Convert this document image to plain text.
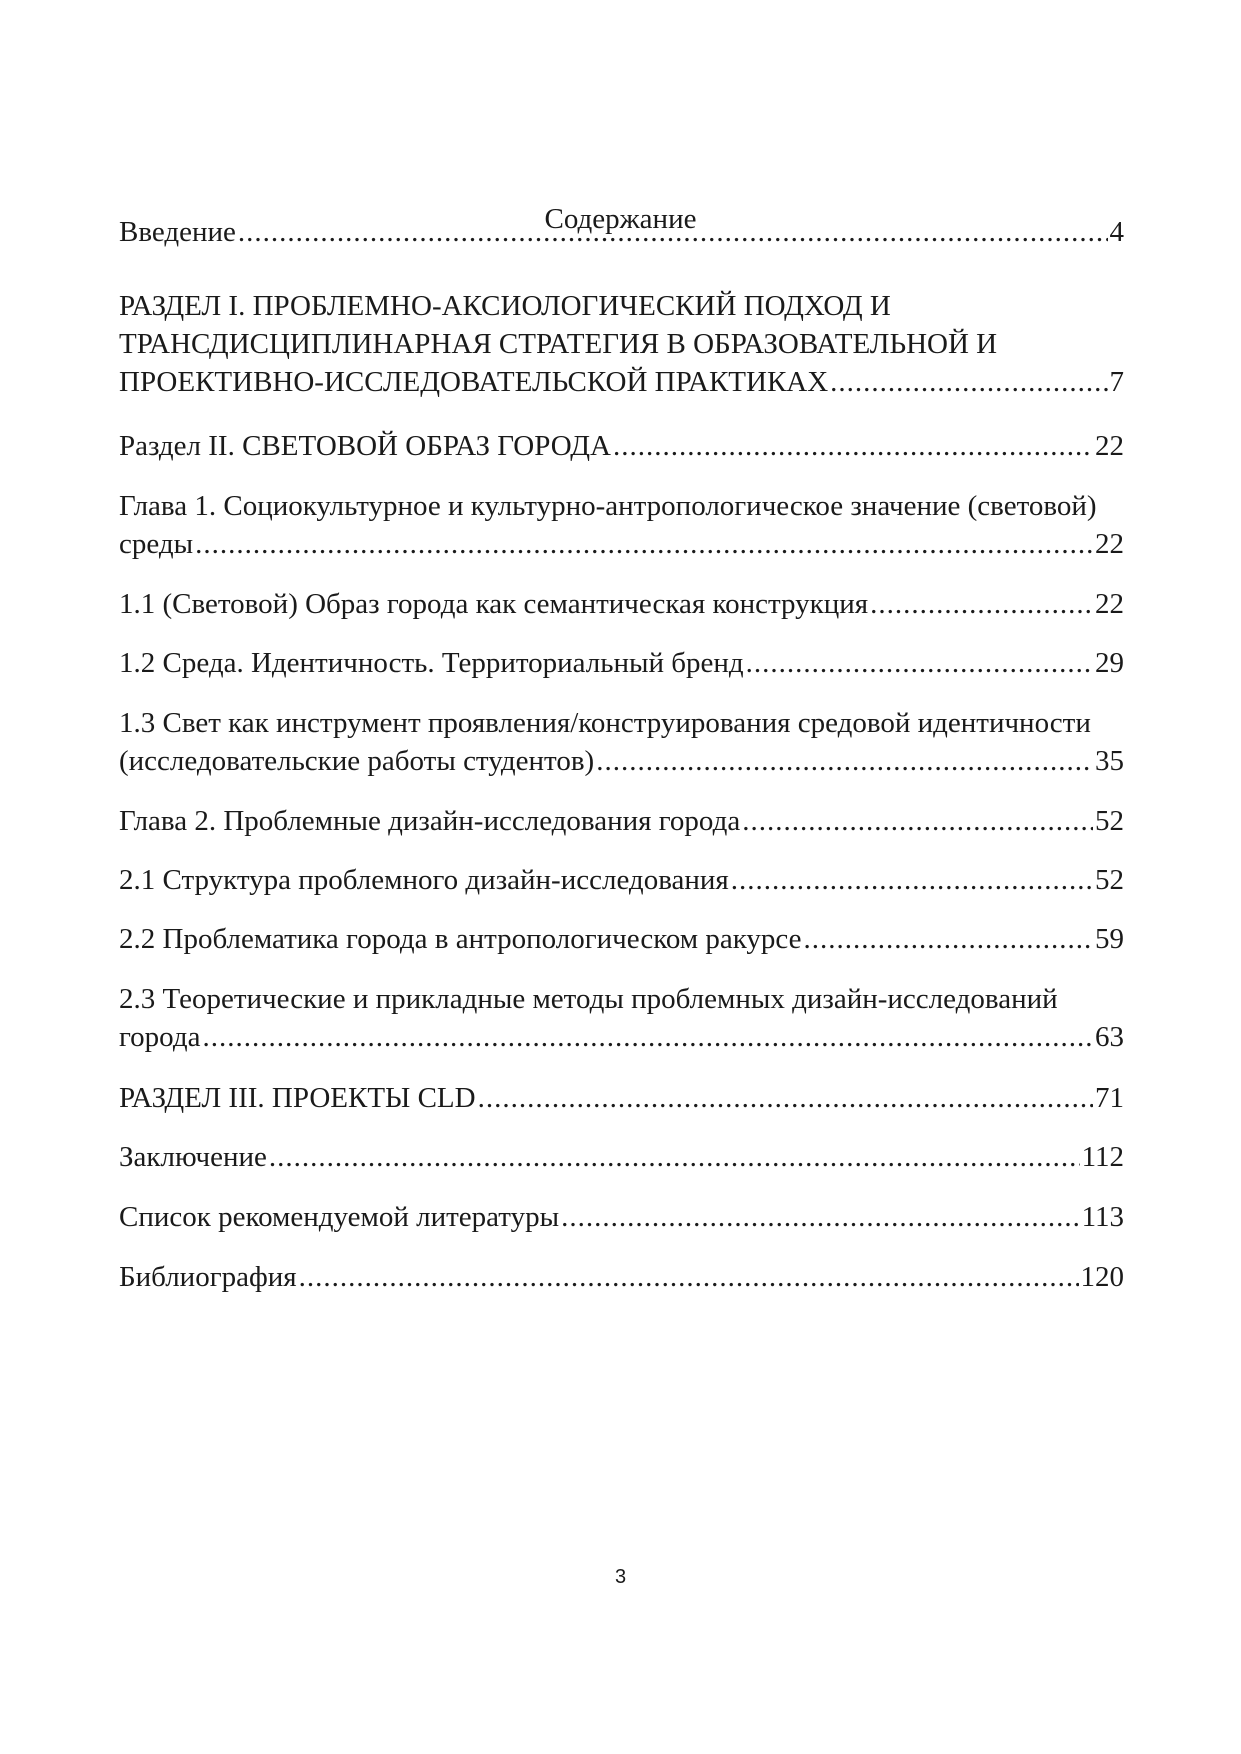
Содержание
Введение .....	4
РАЗДЕЛ I. ПРОБЛЕМНО-АКСИОЛОГИЧЕСКИЙ ПОДХОД И
ТРАНСДИСЦИПЛИНАРНАЯ СТРАТЕГИЯ В ОБРАЗОВАТЕЛЬНОЙ И
ПРОЕКТИВНО-ИССЛЕДОВАТЕЛЬСКОЙ ПРАКТИКАХ .....	7
Раздел II. СВЕТОВОЙ ОБРАЗ ГОРОДА .....	22
Глава 1. Социокультурное и культурно-антропологическое значение (световой)
среды .....	22
1.1 (Световой) Образ города как семантическая конструкция .....	22
1.2 Среда. Идентичность. Территориальный бренд .....	29
1.3 Свет как инструмент проявления/конструирования средовой идентичности
(исследовательские работы студентов) .....	35
Глава 2. Проблемные дизайн-исследования города .....	52
2.1 Структура проблемного дизайн-исследования .....	52
2.2 Проблематика города в антропологическом ракурсе .....	59
2.3 Теоретические и прикладные методы проблемных дизайн-исследований
города .....	63
РАЗДЕЛ III. ПРОЕКТЫ CLD .....	71
Заключение .....	112
Список рекомендуемой литературы .....	113
Библиография .....	120
3
